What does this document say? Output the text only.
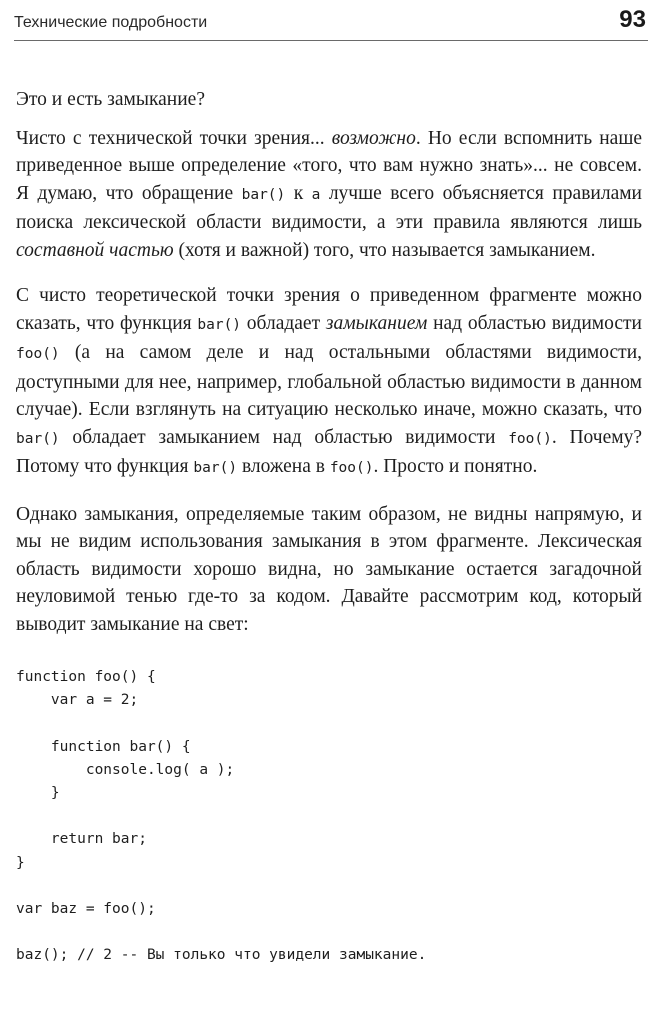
Технические подробности	93

Это и есть замыкание?

Чисто с технической точки зрения... возможно. Но если вспомнить наше приведенное выше определение «того, что вам нужно знать»... не совсем. Я думаю, что обращение bar() к a лучше всего объясняется правилами поиска лексической области видимости, а эти правила являются лишь составной частью (хотя и важной) того, что называется замыканием.

С чисто теоретической точки зрения о приведенном фрагменте можно сказать, что функция bar() обладает замыканием над областью видимости foo() (а на самом деле и над остальными областями видимости, доступными для нее, например, глобальной областью видимости в данном случае). Если взглянуть на ситуацию несколько иначе, можно сказать, что bar() обладает замыканием над областью видимости foo(). Почему? Потому что функция bar() вложена в foo(). Просто и понятно.

Однако замыкания, определяемые таким образом, не видны напрямую, и мы не видим использования замыкания в этом фрагменте. Лексическая область видимости хорошо видна, но замыкание остается загадочной неуловимой тенью где-то за кодом. Давайте рассмотрим код, который выводит замыкание на свет:

function foo() {
var a = 2;

function bar() {
console.log( a );
}

return bar;
}

var baz = foo();

baz(); // 2 -- Вы только что увидели замыкание.
